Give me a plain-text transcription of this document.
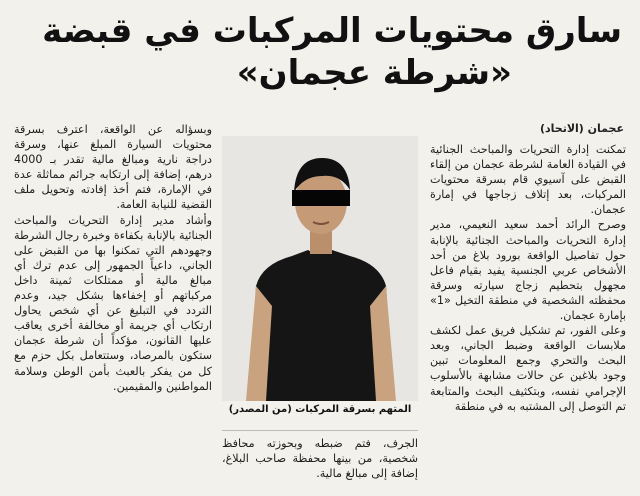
سارق محتويات المركبات في قبضة
«شرطة عجمان»
عجمان (الاتحاد)

تمكنت إدارة التحريات والمباحث الجنائية في القيادة العامة لشرطة عجمان من إلقاء القبض على آسيوي قام بسرقة محتويات المركبات، بعد إتلاف زجاجها في إمارة عجمان.

وصرح الرائد أحمد سعيد النعيمي، مدير إدارة التحريات والمباحث الجنائية بالإنابة حول تفاصيل الواقعة بورود بلاغ من أحد الأشخاص عربي الجنسية يفيد بقيام فاعل مجهول بتحطيم زجاج سيارته وسرقة محفظته الشخصية في منطقة التخيل «1» بإمارة عجمان.

وعلى الفور، تم تشكيل فريق عمل لكشف ملابسات الواقعة وضبط الجاني، وبعد البحث والتحري وجمع المعلومات تبين وجود بلاغين عن حالات مشابهة بالأسلوب الإجرامي نفسه، وبتكثيف البحث والمتابعة تم التوصل إلى المشتبه به في منطقة

المتهم بسرقة المركبات (من المصدر)

الجرف، فتم ضبطه وبحوزته محافظ شخصية، من بينها محفظة صاحب البلاغ، إضافة إلى مبالغ مالية.

وبسؤاله عن الواقعة، اعترف بسرقة محتويات السيارة المبلغ عنها، وسرقة دراجة نارية ومبالغ مالية تقدر بـ 4000 درهم، إضافة إلى ارتكابه جرائم مماثلة عدة في الإمارة، فتم أخذ إفادته وتحويل ملف القضية للنيابة العامة.

وأشاد مدير إدارة التحريات والمباحث الجنائية بالإنابة بكفاءة وخبرة رجال الشرطة وجهودهم التي تمكنوا بها من القبض على الجاني، داعياً الجمهور إلى عدم ترك أي مبالغ مالية أو ممتلكات ثمينة داخل مركباتهم أو إخفاءها بشكل جيد، وعدم التردد في التبليغ عن أي شخص يحاول ارتكاب أي جريمة أو مخالفة أخرى يعاقب عليها القانون، مؤكداً أن شرطة عجمان ستكون بالمرصاد، وستتعامل بكل حزم مع كل من يفكر بالعبث بأمن الوطن وسلامة المواطنين والمقيمين.
